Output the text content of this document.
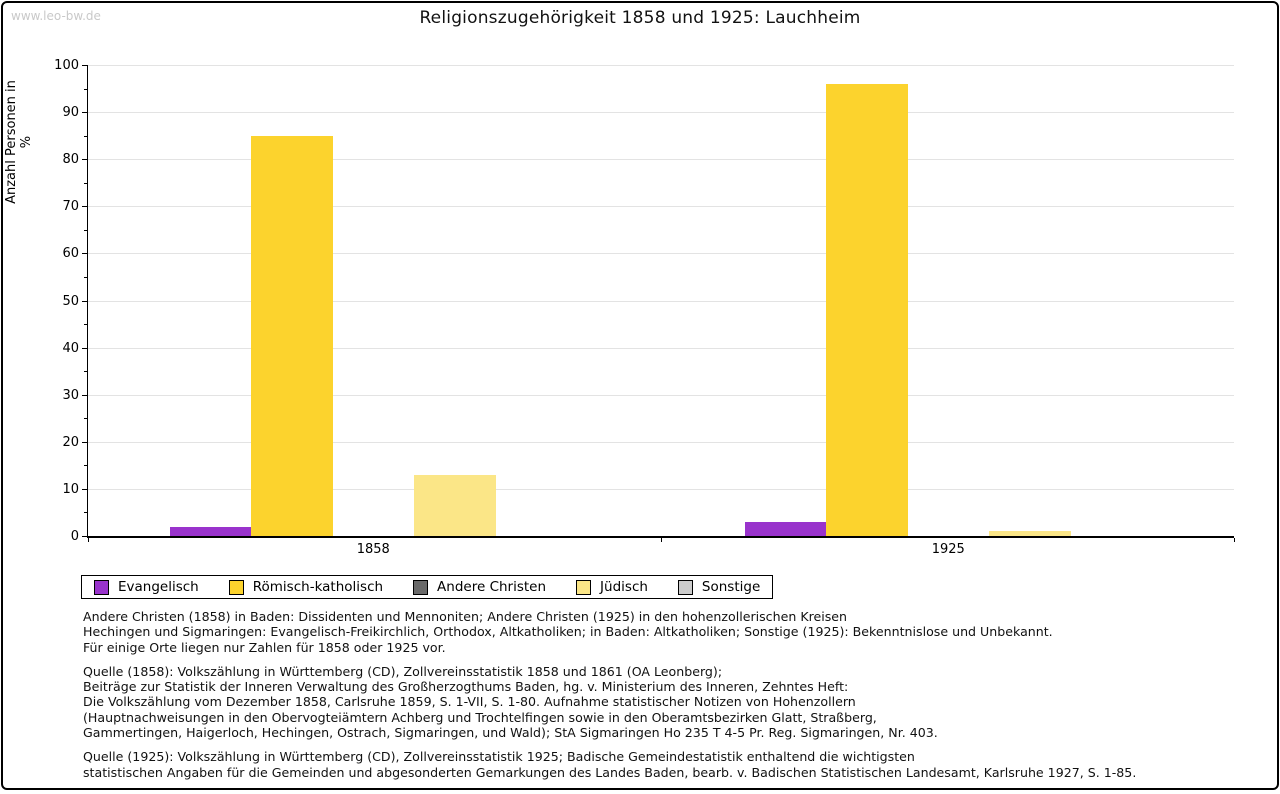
www.leo-bw.de	Religionszugehörigkeit 1858 und 1925: Lauchheim
Anzahl Personen in %
0
10
20
30
40
50
60
70
80
90
100
1858	1925
Evangelisch	Römisch-katholisch	Andere Christen	Jüdisch	Sonstige
Andere Christen (1858) in Baden: Dissidenten und Mennoniten; Andere Christen (1925) in den hohenzollerischen Kreisen
Hechingen und Sigmaringen: Evangelisch-Freikirchlich, Orthodox, Altkatholiken; in Baden: Altkatholiken; Sonstige (1925): Bekenntnislose und Unbekannt.
Für einige Orte liegen nur Zahlen für 1858 oder 1925 vor.
Quelle (1858): Volkszählung in Württemberg (CD), Zollvereinsstatistik 1858 und 1861 (OA Leonberg);
Beiträge zur Statistik der Inneren Verwaltung des Großherzogthums Baden, hg. v. Ministerium des Inneren, Zehntes Heft:
Die Volkszählung vom Dezember 1858, Carlsruhe 1859, S. 1-VII, S. 1-80. Aufnahme statistischer Notizen von Hohenzollern
(Hauptnachweisungen in den Obervogteiämtern Achberg und Trochtelfingen sowie in den Oberamtsbezirken Glatt, Straßberg,
Gammertingen, Haigerloch, Hechingen, Ostrach, Sigmaringen, und Wald); StA Sigmaringen Ho 235 T 4-5 Pr. Reg. Sigmaringen, Nr. 403.
Quelle (1925): Volkszählung in Württemberg (CD), Zollvereinsstatistik 1925; Badische Gemeindestatistik enthaltend die wichtigsten
statistischen Angaben für die Gemeinden und abgesonderten Gemarkungen des Landes Baden, bearb. v. Badischen Statistischen Landesamt, Karlsruhe 1927, S. 1-85.
